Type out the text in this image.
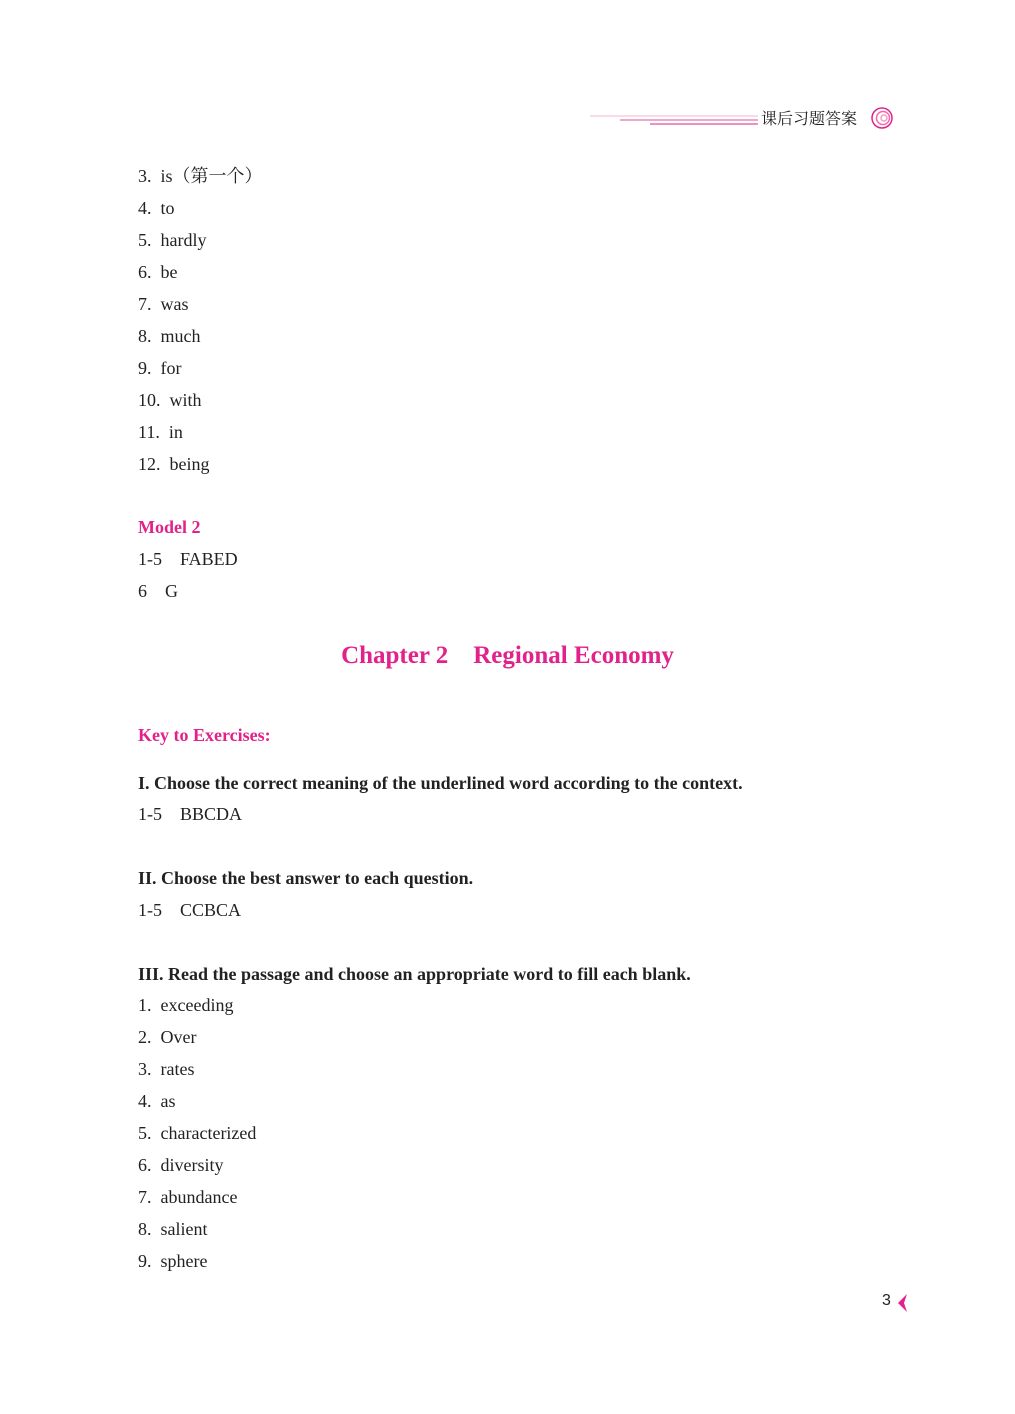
课后习题答案
3. is（第一个）
4. to
5. hardly
6. be
7. was
8. much
9. for
10. with
11. in
12. being
Model 2
1-5 FABED
6 G
Chapter 2    Regional Economy
Key to Exercises:
I. Choose the correct meaning of the underlined word according to the context.
1-5 BBCDA
II. Choose the best answer to each question.
1-5 CCBCA
III. Read the passage and choose an appropriate word to fill each blank.
1. exceeding
2. Over
3. rates
4. as
5. characterized
6. diversity
7. abundance
8. salient
9. sphere
3
